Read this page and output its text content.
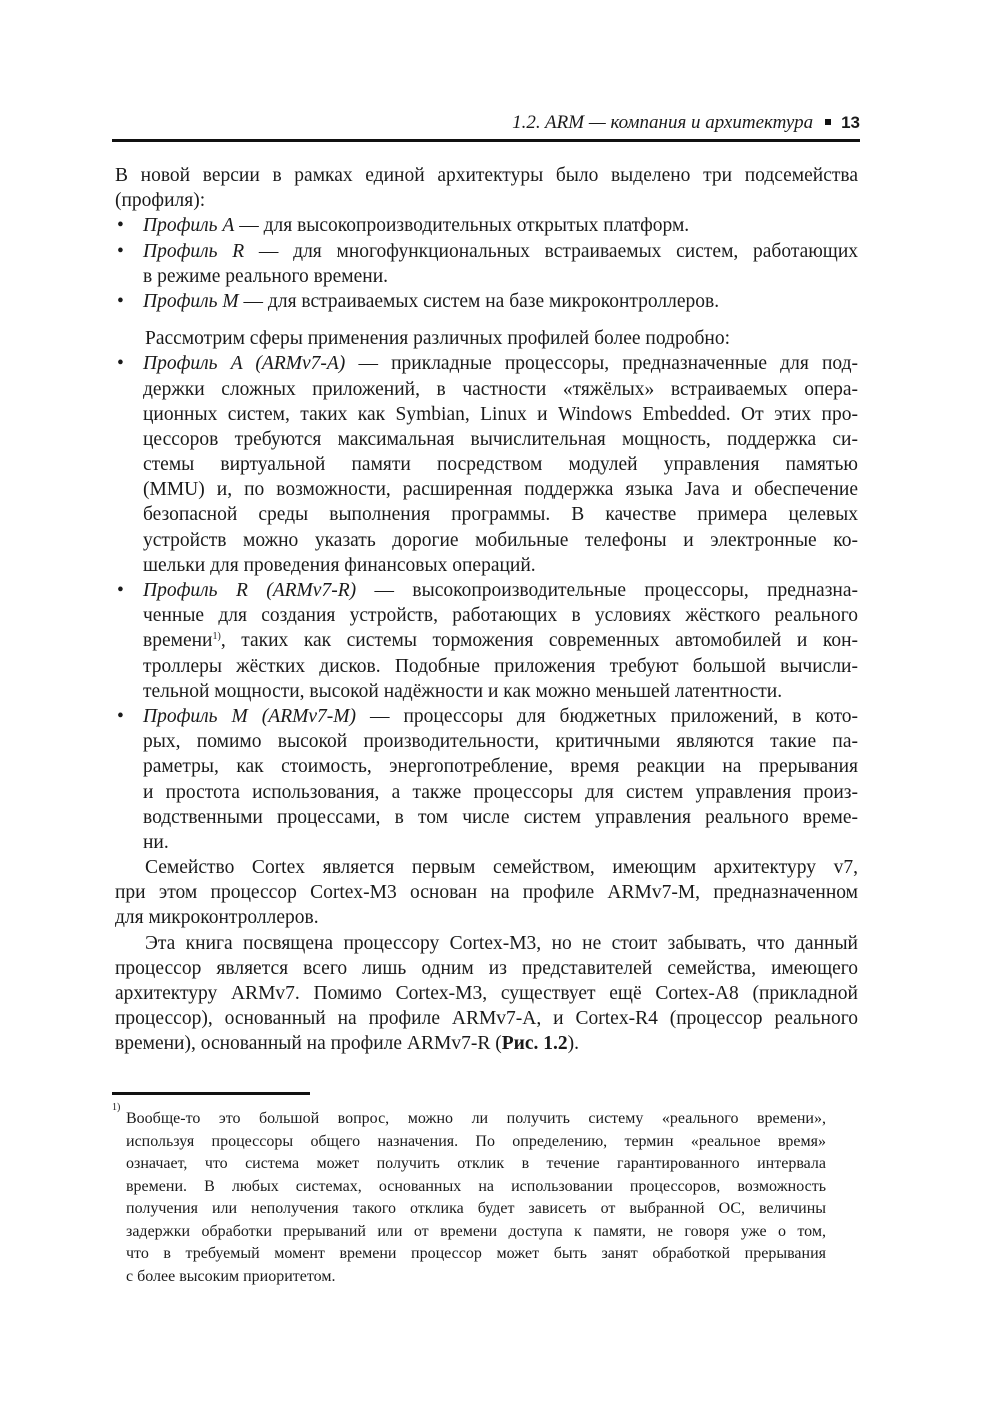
1.2. ARM — компания и архитектура 13
В новой версии в рамках единой архитектуры было выделено три подсемейства
(профиля):
Профиль A — для высокопроизводительных открытых платформ.
•
Профиль R — для многофункциональных встраиваемых систем, работающих
•
в режиме реального времени.
Профиль M — для встраиваемых систем на базе микроконтроллеров.
•
Рассмотрим сферы применения различных профилей более подробно:
Профиль A (ARMv7-A) — прикладные процессоры, предназначенные для под-
•
держки сложных приложений, в частности «тяжёлых» встраиваемых опера-
ционных систем, таких как Symbian, Linux и Windows Embedded. От этих про-
цессоров требуются максимальная вычислительная мощность, поддержка си-
стемы виртуальной памяти посредством модулей управления памятью
(MMU) и, по возможности, расширенная поддержка языка Java и обеспечение
безопасной среды выполнения программы. В качестве примера целевых
устройств можно указать дорогие мобильные телефоны и электронные ко-
шельки для проведения финансовых операций.
Профиль R (ARMv7-R) — высокопроизводительные процессоры, предназна-
•
ченные для создания устройств, работающих в условиях жёсткого реального
времени$^{1)}$, таких как системы торможения современных автомобилей и кон-
троллеры жёстких дисков. Подобные приложения требуют большой вычисли-
тельной мощности, высокой надёжности и как можно меньшей латентности.
Профиль M (ARMv7-M) — процессоры для бюджетных приложений, в кото-
•
рых, помимо высокой производительности, критичными являются такие па-
раметры, как стоимость, энергопотребление, время реакции на прерывания
и простота использования, а также процессоры для систем управления произ-
водственными процессами, в том числе систем управления реального време-
ни.
Семейство Cortex является первым семейством, имеющим архитектуру v7,
при этом процессор Cortex-M3 основан на профиле ARMv7-M, предназначенном
для микроконтроллеров.
Эта книга посвящена процессору Cortex-M3, но не стоит забывать, что данный
процессор является всего лишь одним из представителей семейства, имеющего
архитектуру ARMv7. Помимо Cortex-M3, существует ещё Cortex-A8 (прикладной
процессор), основанный на профиле ARMv7-A, и Cortex-R4 (процессор реального
времени), основанный на профиле ARMv7-R (Рис. 1.2).
Вообще-то это большой вопрос, можно ли получить систему «реального времени»,
1)
используя процессоры общего назначения. По определению, термин «реальное время»
означает, что система может получить отклик в течение гарантированного интервала
времени. В любых системах, основанных на использовании процессоров, возможность
получения или неполучения такого отклика будет зависеть от выбранной ОС, величины
задержки обработки прерываний или от времени доступа к памяти, не говоря уже о том,
что в требуемый момент времени процессор может быть занят обработкой прерывания
с более высоким приоритетом.
